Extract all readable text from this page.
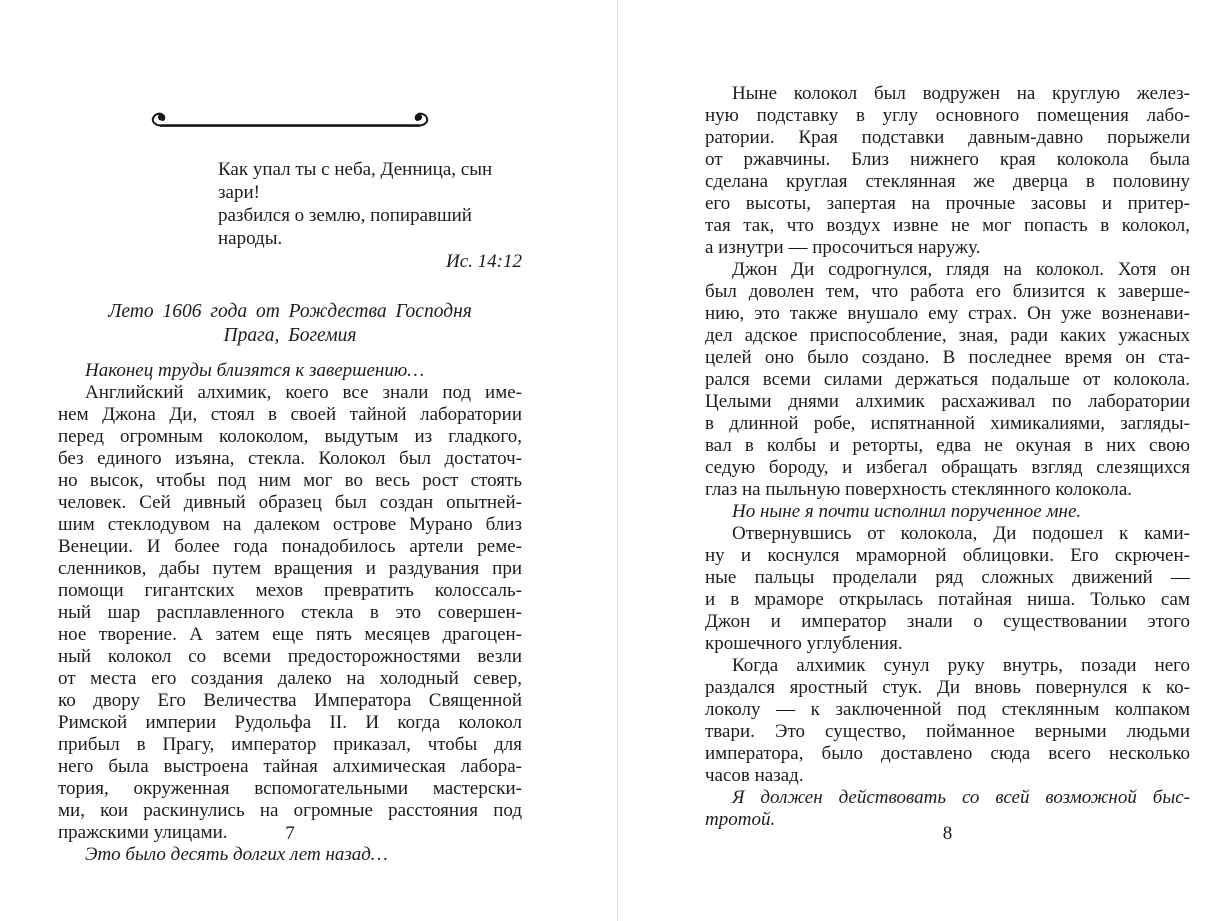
Как упал ты с неба, Денница, сын зари!
разбился о землю, попиравший народы.
Ис. 14:12
Лето 1606 года от Рождества Господня
Прага, Богемия
Наконец труды близятся к завершению…
Английский алхимик, коего все знали под име-
нем Джона Ди, стоял в своей тайной лаборатории
перед огромным колоколом, выдутым из гладкого,
без единого изъяна, стекла. Колокол был достаточ-
но высок, чтобы под ним мог во весь рост стоять
человек. Сей дивный образец был создан опытней-
шим стеклодувом на далеком острове Мурано близ
Венеции. И более года понадобилось артели реме-
сленников, дабы путем вращения и раздувания при
помощи гигантских мехов превратить колоссаль-
ный шар расплавленного стекла в это совершен-
ное творение. А затем еще пять месяцев драгоцен-
ный колокол со всеми предосторожностями везли
от места его создания далеко на холодный север,
ко двору Его Величества Императора Священной
Римской империи Рудольфа II. И когда колокол
прибыл в Прагу, император приказал, чтобы для
него была выстроена тайная алхимическая лабора-
тория, окруженная вспомогательными мастерски-
ми, кои раскинулись на огромные расстояния под
пражскими улицами.
Это было десять долгих лет назад…
7
Ныне колокол был водружен на круглую желез-
ную подставку в углу основного помещения лабо-
ратории. Края подставки давным-давно порыжели
от ржавчины. Близ нижнего края колокола была
сделана круглая стеклянная же дверца в половину
его высоты, запертая на прочные засовы и притер-
тая так, что воздух извне не мог попасть в колокол,
а изнутри — просочиться наружу.
Джон Ди содрогнулся, глядя на колокол. Хотя он
был доволен тем, что работа его близится к заверше-
нию, это также внушало ему страх. Он уже возненави-
дел адское приспособление, зная, ради каких ужасных
целей оно было создано. В последнее время он ста-
рался всеми силами держаться подальше от колокола.
Целыми днями алхимик расхаживал по лаборатории
в длинной робе, испятнанной химикалиями, загляды-
вал в колбы и реторты, едва не окуная в них свою
седую бороду, и избегал обращать взгляд слезящихся
глаз на пыльную поверхность стеклянного колокола.
Но ныне я почти исполнил порученное мне.
Отвернувшись от колокола, Ди подошел к ками-
ну и коснулся мраморной облицовки. Его скрючен-
ные пальцы проделали ряд сложных движений —
и в мраморе открылась потайная ниша. Только сам
Джон и император знали о существовании этого
крошечного углубления.
Когда алхимик сунул руку внутрь, позади него
раздался яростный стук. Ди вновь повернулся к ко-
локолу — к заключенной под стеклянным колпаком
твари. Это существо, пойманное верными людьми
императора, было доставлено сюда всего несколько
часов назад.
Я должен действовать со всей возможной быс-
тротой.
8
